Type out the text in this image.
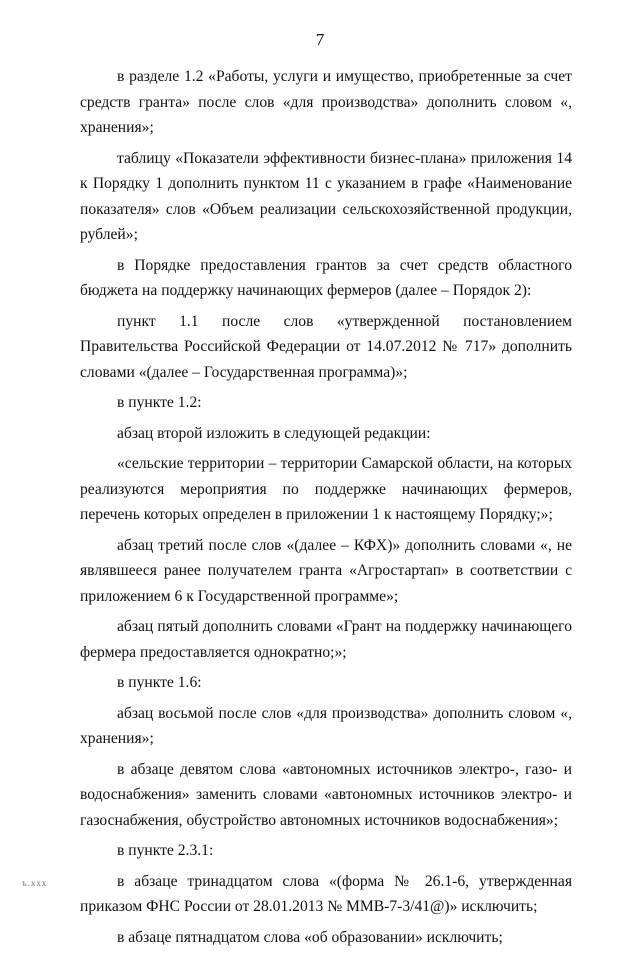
7

в разделе 1.2 «Работы, услуги и имущество, приобретенные за счет средств гранта» после слов «для производства» дополнить словом «, хранения»;

таблицу «Показатели эффективности бизнес-плана» приложения 14 к Порядку 1 дополнить пунктом 11 с указанием в графе «Наименование показателя» слов «Объем реализации сельскохозяйственной продукции, рублей»;

в Порядке предоставления грантов за счет средств областного бюджета на поддержку начинающих фермеров (далее – Порядок 2):

пункт 1.1 после слов «утвержденной постановлением Правительства Российской Федерации от 14.07.2012 № 717» дополнить словами «(далее – Государственная программа)»;

в пункте 1.2:

абзац второй изложить в следующей редакции:

«сельские территории – территории Самарской области, на которых реализуются мероприятия по поддержке начинающих фермеров, перечень которых определен в приложении 1 к настоящему Порядку;»;

абзац третий после слов «(далее – КФХ)» дополнить словами «, не являвшееся ранее получателем гранта «Агростартап» в соответствии с приложением 6 к Государственной программе»;

абзац пятый дополнить словами «Грант на поддержку начинающего фермера предоставляется однократно;»;

в пункте 1.6:

абзац восьмой после слов «для производства» дополнить словом «, хранения»;

в абзаце девятом слова «автономных источников электро-, газо- и водоснабжения» заменить словами «автономных источников электро- и газоснабжения, обустройство автономных источников водоснабжения»;

в пункте 2.3.1:

в абзаце тринадцатом слова «(форма № 26.1-6, утвержденная приказом ФНС России от 28.01.2013 № ММВ-7-3/41@)» исключить;

в абзаце пятнадцатом слова «об образовании» исключить;

ъ.ххх
